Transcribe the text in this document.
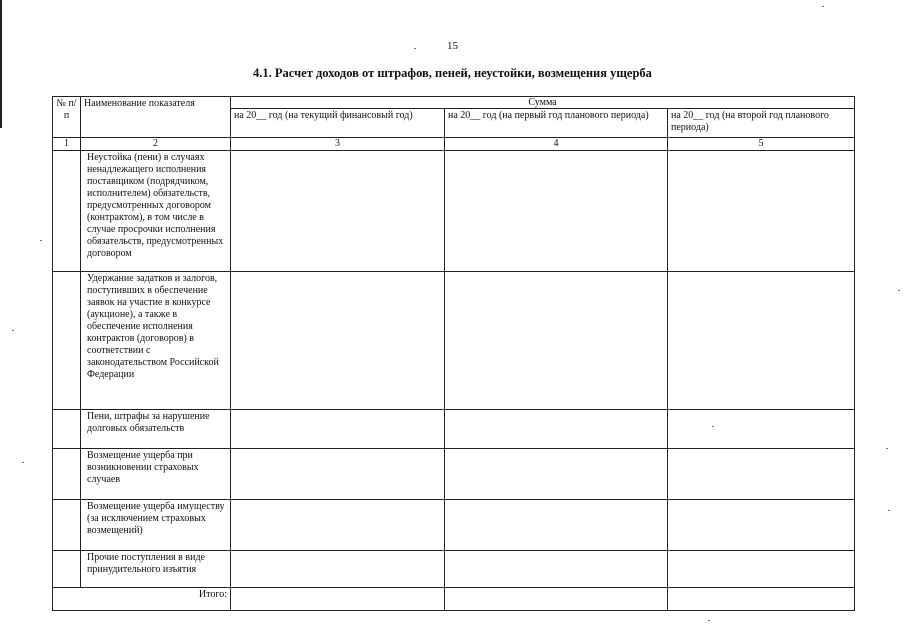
15
4.1. Расчет доходов от штрафов, пеней, неустойки, возмещения ущерба
№ п/п	Наименование показателя	Сумма		
		на 20__ год (на текущий финансовый год)	на 20__ год (на первый год планового периода)	на 20__ год (на второй год планового периода)
1	2	3	4	5
	Неустойка (пени) в случаях ненадлежащего исполнения поставщиком (подрядчиком, исполнителем) обязательств, предусмотренных договором (контрактом), в том числе в случае просрочки исполнения обязательств, предусмотренных договором			
	Удержание задатков и залогов, поступивших в обеспечение заявок на участие в конкурсе (аукционе), а также в обеспечение исполнения контрактов (договоров) в соответствии с законодательством Российской Федерации			
	Пени, штрафы за нарушение долговых обязательств			
	Возмещение ущерба при возникновении страховых случаев			
	Возмещение ущерба имуществу (за исключением страховых возмещений)			
	Прочие поступления в виде принудительного изъятия			
Итого:				
